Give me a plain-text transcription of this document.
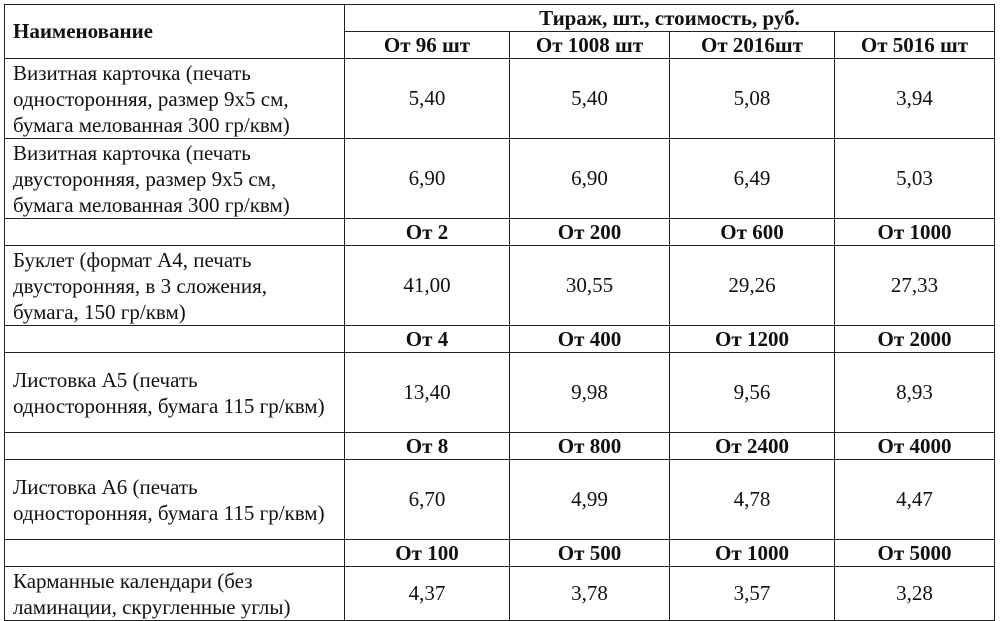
Наименование	Тираж, шт., стоимость, руб.			
	От 96 шт	От 1008 шт	От 2016шт	От 5016 шт
Визитная карточка (печать односторонняя, размер 9х5 см, бумага мелованная 300 гр/квм)	5,40	5,40	5,08	3,94
Визитная карточка (печать двусторонняя, размер 9х5 см, бумага мелованная 300 гр/квм)	6,90	6,90	6,49	5,03
	От 2	От 200	От 600	От 1000
Буклет (формат А4, печать двусторонняя, в 3 сложения, бумага, 150 гр/квм)	41,00	30,55	29,26	27,33
	От 4	От 400	От 1200	От 2000
Листовка А5 (печать односторонняя, бумага 115 гр/квм)	13,40	9,98	9,56	8,93
	От 8	От 800	От 2400	От 4000
Листовка А6 (печать односторонняя, бумага 115 гр/квм)	6,70	4,99	4,78	4,47
	От 100	От 500	От 1000	От 5000
Карманные календари (без ламинации, скругленные углы)	4,37	3,78	3,57	3,28
